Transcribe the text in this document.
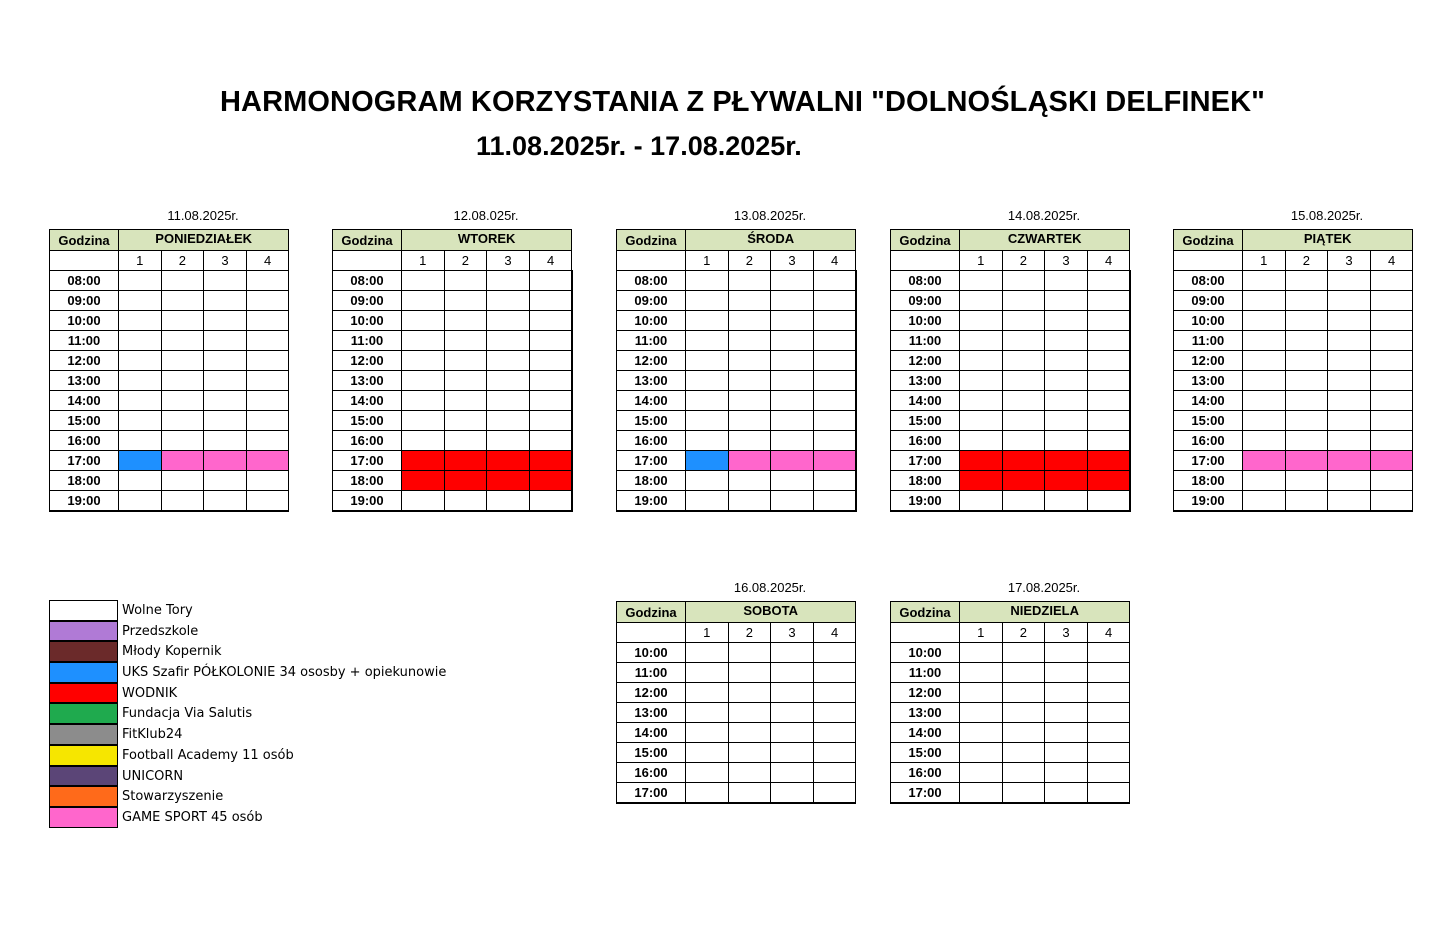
HARMONOGRAM KORZYSTANIA Z PŁYWALNI "DOLNOŚLĄSKI DELFINEK"
11.08.2025r. - 17.08.2025r.
11.08.2025r.
Godzina	PONIEDZIAŁEK			
	1	2	3	4
08:00				
09:00				
10:00				
11:00				
12:00				
13:00				
14:00				
15:00				
16:00				
17:00				
18:00				
19:00				
12.08.025r.
Godzina	WTOREK			
	1	2	3	4
08:00				
09:00				
10:00				
11:00				
12:00				
13:00				
14:00				
15:00				
16:00				
17:00				
18:00				
19:00				
13.08.2025r.
Godzina	ŚRODA			
	1	2	3	4
08:00				
09:00				
10:00				
11:00				
12:00				
13:00				
14:00				
15:00				
16:00				
17:00				
18:00				
19:00				
14.08.2025r.
Godzina	CZWARTEK			
	1	2	3	4
08:00				
09:00				
10:00				
11:00				
12:00				
13:00				
14:00				
15:00				
16:00				
17:00				
18:00				
19:00				
15.08.2025r.
Godzina	PIĄTEK			
	1	2	3	4
08:00				
09:00				
10:00				
11:00				
12:00				
13:00				
14:00				
15:00				
16:00				
17:00				
18:00				
19:00				
16.08.2025r.
Godzina	SOBOTA			
	1	2	3	4
10:00				
11:00				
12:00				
13:00				
14:00				
15:00				
16:00				
17:00				
17.08.2025r.
Godzina	NIEDZIELA			
	1	2	3	4
10:00				
11:00				
12:00				
13:00				
14:00				
15:00				
16:00				
17:00				
Wolne Tory
Przedszkole
Młody Kopernik
UKS Szafir PÓŁKOLONIE 34 ososby + opiekunowie
WODNIK
Fundacja Via Salutis
FitKlub24
Football Academy 11 osób
UNICORN
Stowarzyszenie
GAME SPORT 45 osób
